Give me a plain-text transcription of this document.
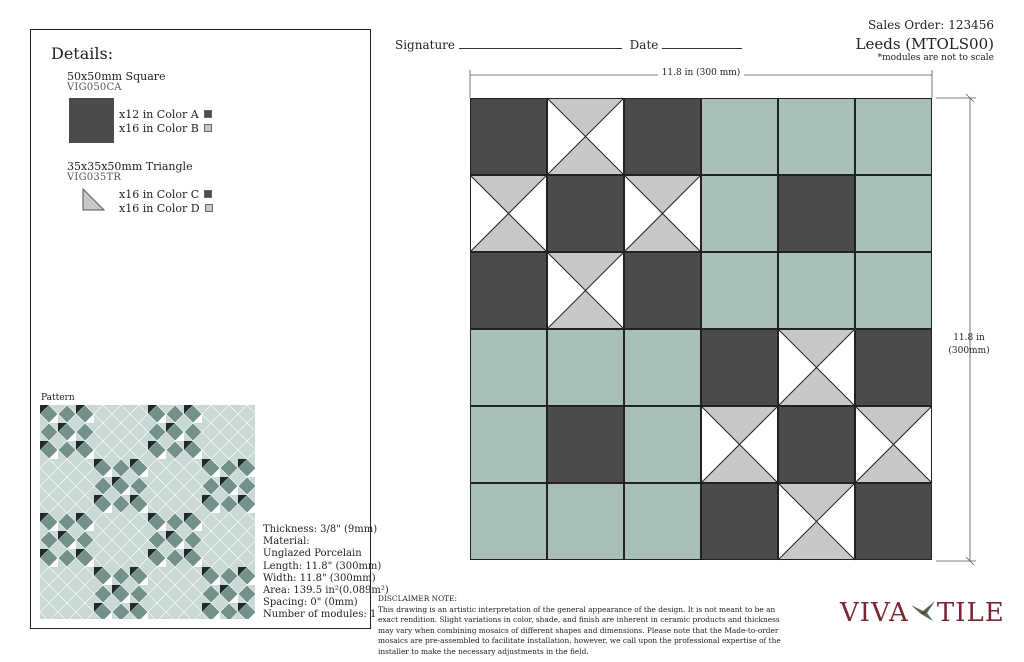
Details:
50x50mm Square
VIG050CA
x12 in Color A
x16 in Color B
35x35x50mm Triangle
VIG035TR
x16 in Color C
x16 in Color D
Pattern
Thickness: 3/8" (9mm)
Material:
Unglazed Porcelain
Length: 11.8" (300mm)
Width: 11.8" (300mm)
Area: 139.5 in²(0.089m²)
Spacing: 0" (0mm)
Number of modules: 1
Signature	Date
Sales Order: 123456
Leeds (MTOLS00)
*modules are not to scale
11.8 in (300 mm)
11.8 in
(300mm)
DISCLAIMER NOTE:
This drawing is an artistic interpretation of the general appearance of the design. It is not meant to be an exact rendition. Slight variations in color, shade, and finish are inherent in ceramic products and thickness may vary when combining mosaics of different shapes and dimensions. Please note that the Made-to-order mosaics are pre-assembled to facilitate installation, however, we call upon the professional expertise of the installer to make the necessary adjustments in the field.
VIVA TILE
